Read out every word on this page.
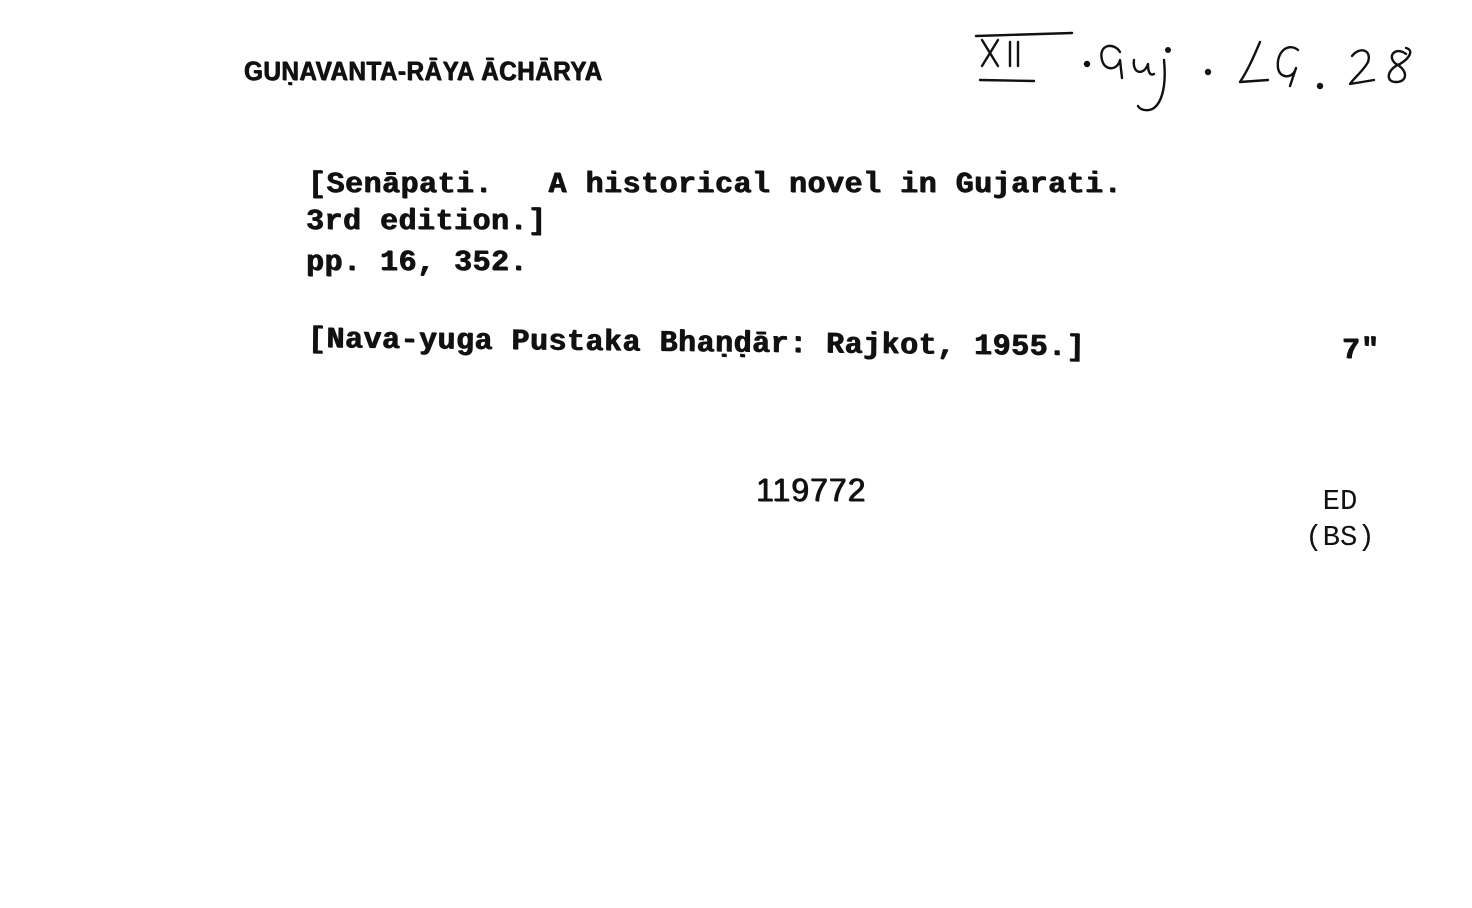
GUṆAVANTA-RĀYA ĀCHĀRYA
[Senāpati.   A historical novel in Gujarati.
3rd edition.]
pp. 16, 352.
[Nava-yuga Pustaka Bhaṇḍār: Rajkot, 1955.]	7"
119772	ED
(BS)
